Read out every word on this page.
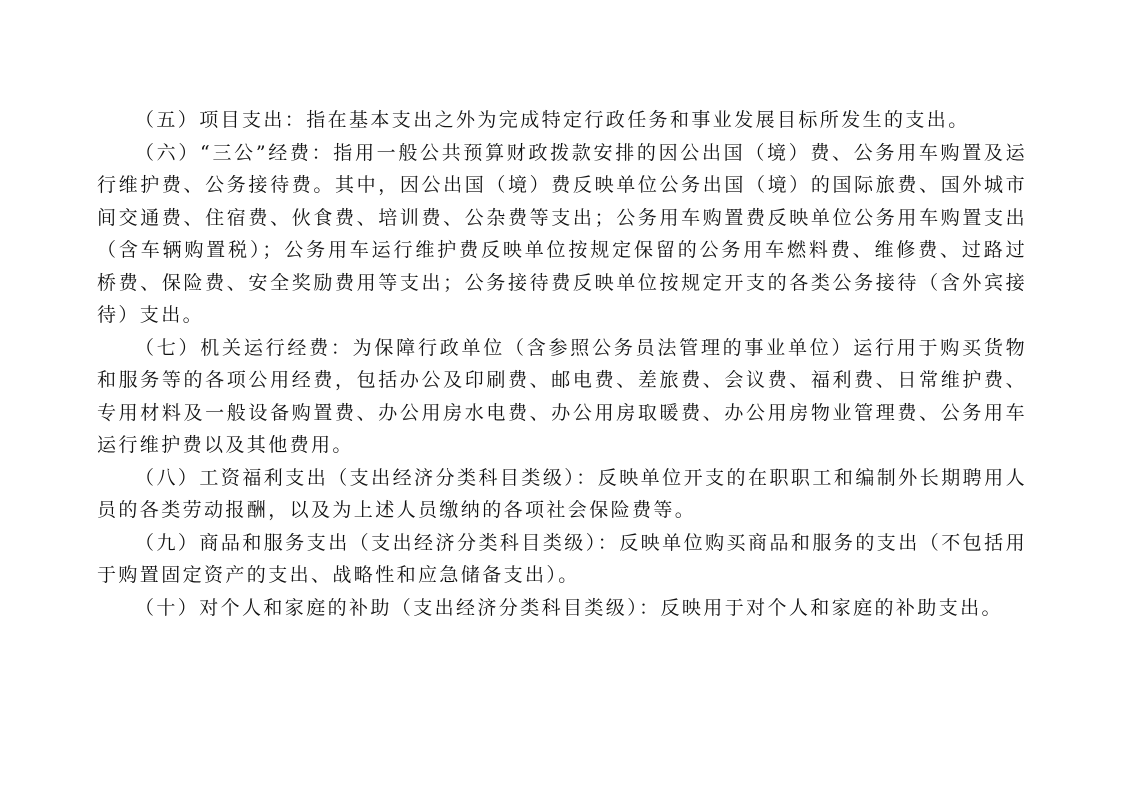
（五）项目支出：指在基本支出之外为完成特定行政任务和事业发展目标所发生的支出。

（六）“三公”经费：指用一般公共预算财政拨款安排的因公出国（境）费、公务用车购置及运行维护费、公务接待费。其中，因公出国（境）费反映单位公务出国（境）的国际旅费、国外城市间交通费、住宿费、伙食费、培训费、公杂费等支出；公务用车购置费反映单位公务用车购置支出（含车辆购置税）；公务用车运行维护费反映单位按规定保留的公务用车燃料费、维修费、过路过桥费、保险费、安全奖励费用等支出；公务接待费反映单位按规定开支的各类公务接待（含外宾接待）支出。

（七）机关运行经费：为保障行政单位（含参照公务员法管理的事业单位）运行用于购买货物和服务等的各项公用经费，包括办公及印刷费、邮电费、差旅费、会议费、福利费、日常维护费、专用材料及一般设备购置费、办公用房水电费、办公用房取暖费、办公用房物业管理费、公务用车运行维护费以及其他费用。

（八）工资福利支出（支出经济分类科目类级）：反映单位开支的在职职工和编制外长期聘用人员的各类劳动报酬，以及为上述人员缴纳的各项社会保险费等。

（九）商品和服务支出（支出经济分类科目类级）：反映单位购买商品和服务的支出（不包括用于购置固定资产的支出、战略性和应急储备支出）。

（十）对个人和家庭的补助（支出经济分类科目类级）：反映用于对个人和家庭的补助支出。
